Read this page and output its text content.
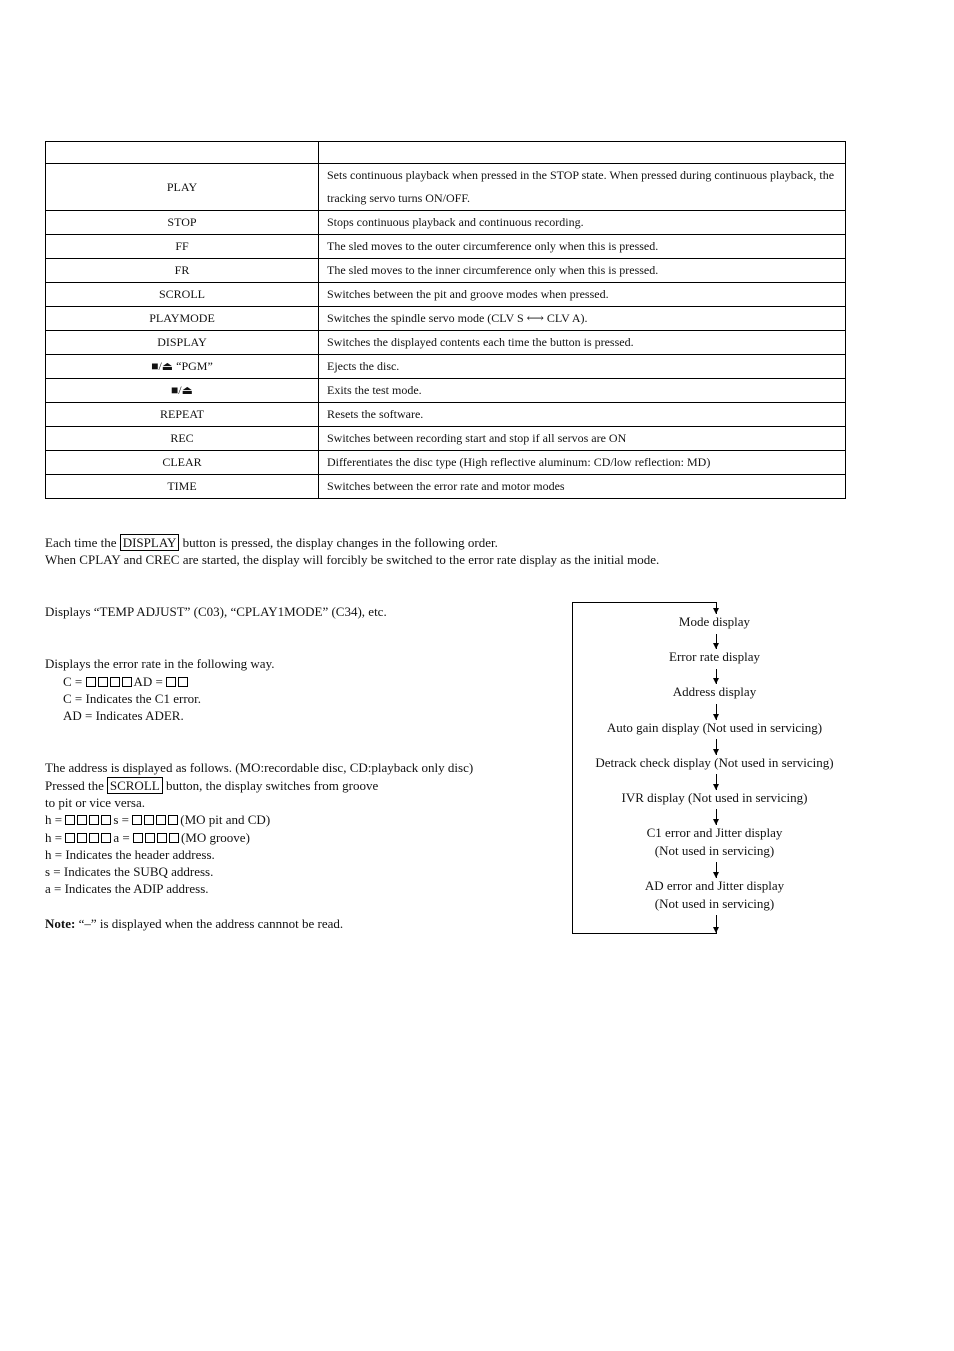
PLAY	Sets continuous playback when pressed in the STOP state. When pressed during continuous playback, the tracking servo turns ON/OFF.
STOP	Stops continuous playback and continuous recording.
FF	The sled moves to the outer circumference only when this is pressed.
FR	The sled moves to the inner circumference only when this is pressed.
SCROLL	Switches between the pit and groove modes when pressed.
PLAYMODE	Switches the spindle servo mode (CLV S ⟷ CLV A).
DISPLAY	Switches the displayed contents each time the button is pressed.
■/⏏ “PGM”	Ejects the disc.
■/⏏	Exits the test mode.
REPEAT	Resets the software.
REC	Switches between recording start and stop if all servos are ON
CLEAR	Differentiates the disc type (High reflective aluminum: CD/low reflection: MD)
TIME	Switches between the error rate and motor modes
Each time the DISPLAY button is pressed, the display changes in the following order.
When CPLAY and CREC are started, the display will forcibly be switched to the error rate display as the initial mode.
Displays “TEMP ADJUST” (C03), “CPLAY1MODE” (C34), etc.
Displays the error rate in the following way.
C =	AD =
C = Indicates the C1 error.
AD = Indicates ADER.
The address is displayed as follows. (MO:recordable disc, CD:playback only disc)
Pressed the SCROLL button, the display switches from groove
to pit or vice versa.
h =	s =	(MO pit and CD)
h =	a =	(MO groove)
h = Indicates the header address.
s = Indicates the SUBQ address.
a = Indicates the ADIP address.
Note: “–” is displayed when the address cannnot be read.
Mode display
Error rate display
Address display
Auto gain display (Not used in servicing)
Detrack check display (Not used in servicing)
IVR display (Not used in servicing)
C1 error and Jitter display
(Not used in servicing)
AD error and Jitter display
(Not used in servicing)
